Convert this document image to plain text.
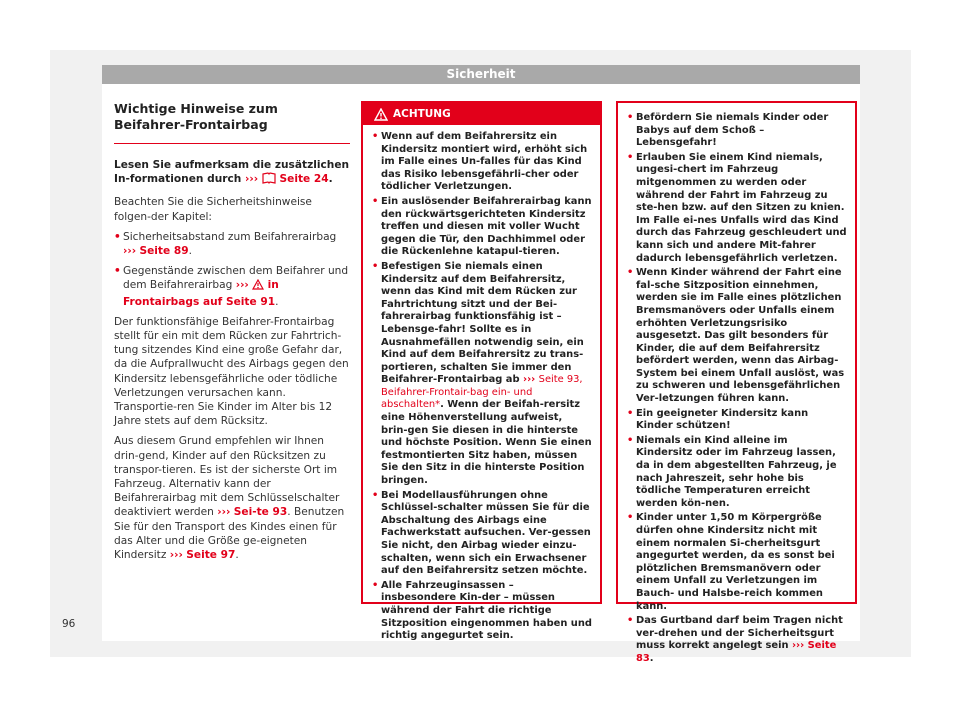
Sicherheit
Wichtige Hinweise zum Beifahrer-Frontairbag

Lesen Sie aufmerksam die zusätzlichen In-formationen durch ››› Seite 24.

Beachten Sie die Sicherheitshinweise folgen-der Kapitel:

• Sicherheitsabstand zum Beifahrerairbag ››› Seite 89.

• Gegenstände zwischen dem Beifahrer und dem Beifahrerairbag ››› in Frontairbags auf Seite 91.

Der funktionsfähige Beifahrer-Frontairbag stellt für ein mit dem Rücken zur Fahrtrich-tung sitzendes Kind eine große Gefahr dar, da die Aufprallwucht des Airbags gegen den Kindersitz lebensgefährliche oder tödliche Verletzungen verursachen kann. Transportie-ren Sie Kinder im Alter bis 12 Jahre stets auf dem Rücksitz.

Aus diesem Grund empfehlen wir Ihnen drin-gend, Kinder auf den Rücksitzen zu transpor-tieren. Es ist der sicherste Ort im Fahrzeug. Alternativ kann der Beifahrerairbag mit dem Schlüsselschalter deaktiviert werden ››› Sei-te 93. Benutzen Sie für den Transport des Kindes einen für das Alter und die Größe ge-eigneten Kindersitz ››› Seite 97.

ACHTUNG

• Wenn auf dem Beifahrersitz ein Kindersitz montiert wird, erhöht sich im Falle eines Un-falles für das Kind das Risiko lebensgefährli-cher oder tödlicher Verletzungen.

• Ein auslösender Beifahrerairbag kann den rückwärtsgerichteten Kindersitz treffen und diesen mit voller Wucht gegen die Tür, den Dachhimmel oder die Rückenlehne katapul-tieren.

• Befestigen Sie niemals einen Kindersitz auf dem Beifahrersitz, wenn das Kind mit dem Rücken zur Fahrtrichtung sitzt und der Bei-fahrerairbag funktionsfähig ist – Lebensge-fahr! Sollte es in Ausnahmefällen notwendig sein, ein Kind auf dem Beifahrersitz zu trans-portieren, schalten Sie immer den Beifahrer-Frontairbag ab ››› Seite 93, Beifahrer-Frontair-bag ein- und abschalten*. Wenn der Beifah-rersitz eine Höhenverstellung aufweist, brin-gen Sie diesen in die hinterste und höchste Position. Wenn Sie einen festmontierten Sitz haben, müssen Sie den Sitz in die hinterste Position bringen.

• Bei Modellausführungen ohne Schlüssel-schalter müssen Sie für die Abschaltung des Airbags eine Fachwerkstatt aufsuchen. Ver-gessen Sie nicht, den Airbag wieder einzu-schalten, wenn sich ein Erwachsener auf den Beifahrersitz setzen möchte.

• Alle Fahrzeuginsassen – insbesondere Kin-der – müssen während der Fahrt die richtige Sitzposition eingenommen haben und richtig angegurtet sein.

• Befördern Sie niemals Kinder oder Babys auf dem Schoß – Lebensgefahr!

• Erlauben Sie einem Kind niemals, ungesi-chert im Fahrzeug mitgenommen zu werden oder während der Fahrt im Fahrzeug zu ste-hen bzw. auf den Sitzen zu knien. Im Falle ei-nes Unfalls wird das Kind durch das Fahrzeug geschleudert und kann sich und andere Mit-fahrer dadurch lebensgefährlich verletzen.

• Wenn Kinder während der Fahrt eine fal-sche Sitzposition einnehmen, werden sie im Falle eines plötzlichen Bremsmanövers oder Unfalls einem erhöhten Verletzungsrisiko ausgesetzt. Das gilt besonders für Kinder, die auf dem Beifahrersitz befördert werden, wenn das Airbag-System bei einem Unfall auslöst, was zu schweren und lebensgefährlichen Ver-letzungen führen kann.

• Ein geeigneter Kindersitz kann Kinder schützen!

• Niemals ein Kind alleine im Kindersitz oder im Fahrzeug lassen, da in dem abgestellten Fahrzeug, je nach Jahreszeit, sehr hohe bis tödliche Temperaturen erreicht werden kön-nen.

• Kinder unter 1,50 m Körpergröße dürfen ohne Kindersitz nicht mit einem normalen Si-cherheitsgurt angegurtet werden, da es sonst bei plötzlichen Bremsmanövern oder einem Unfall zu Verletzungen im Bauch- und Halsbe-reich kommen kann.

• Das Gurtband darf beim Tragen nicht ver-drehen und der Sicherheitsgurt muss korrekt angelegt sein ››› Seite 83.

96
